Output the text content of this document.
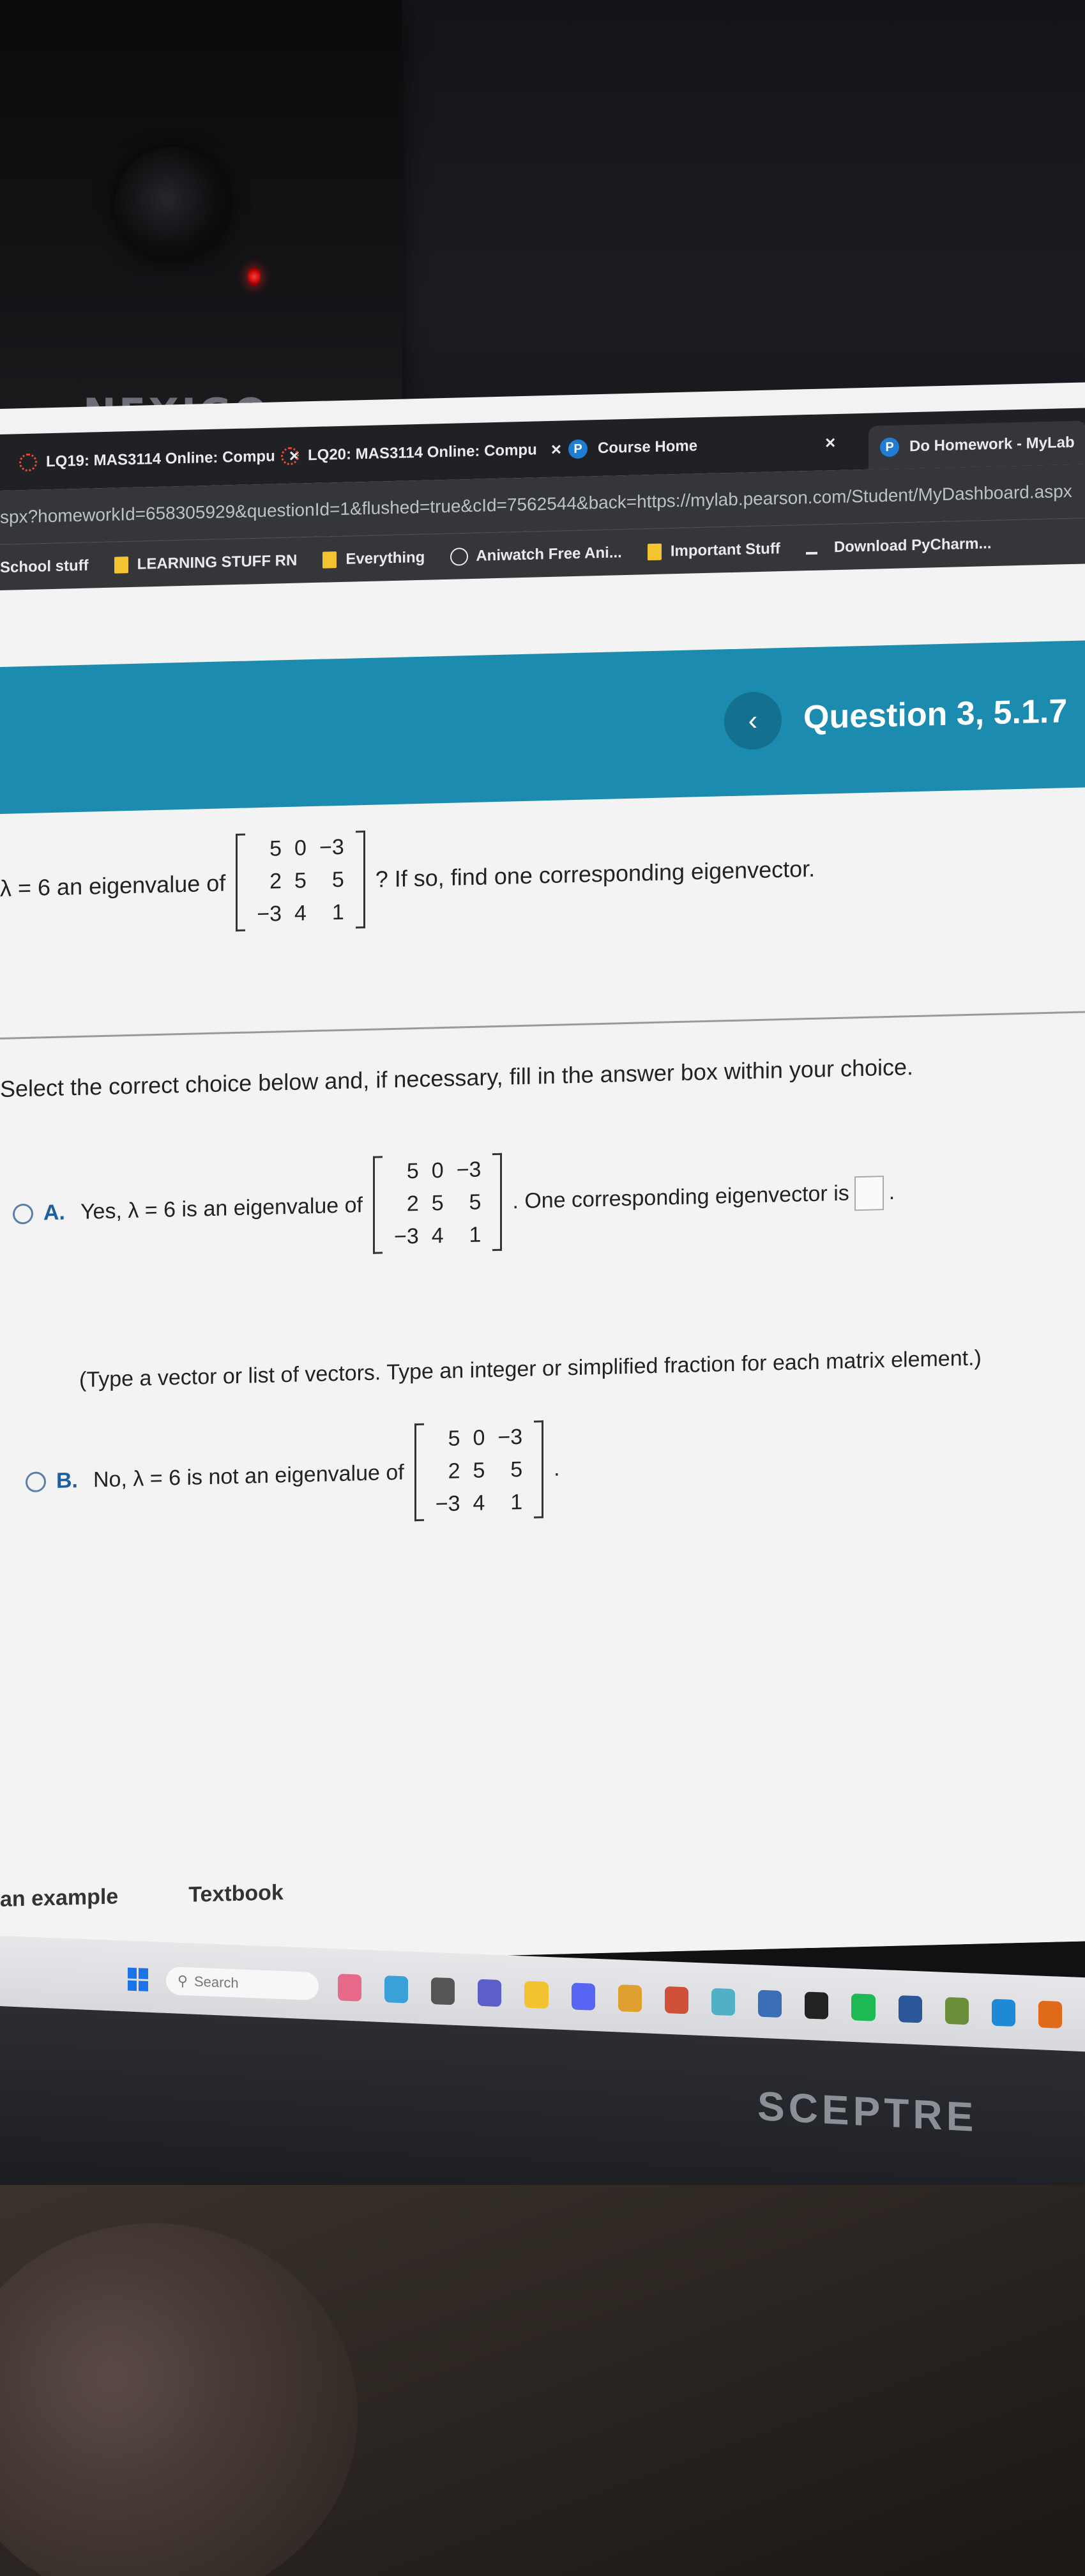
LQ19: MAS3114 Online: Compu × LQ20: MAS3114 Online: Compu × P	Course Home	×	P	Do Homework - MyLab
spx?homeworkId=658305929&questionId=1&flushed=true&cId=7562544&back=https://mylab.pearson.com/Student/MyDashboard.aspx
School stuff	LEARNING STUFF RN	Everything	Aniwatch Free Ani...	Important Stuff	Download PyCharm...
‹ Question 3, 5.1.7
λ = 6 an eigenvalue of
5	0	−3
2	5	5
−3	4	1
? If so, find one corresponding eigenvector.
Select the correct choice below and, if necessary, fill in the answer box within your choice.
A. Yes, λ = 6 is an eigenvalue of
5	0	−3
2	5	5
−3	4	1
. One corresponding eigenvector is .
(Type a vector or list of vectors. Type an integer or simplified fraction for each matrix element.)
B. No, λ = 6 is not an eigenvalue of
5	0	−3
2	5	5
−3	4	1
.
an example	Textbook
⚲ Search
SCEPTRE
